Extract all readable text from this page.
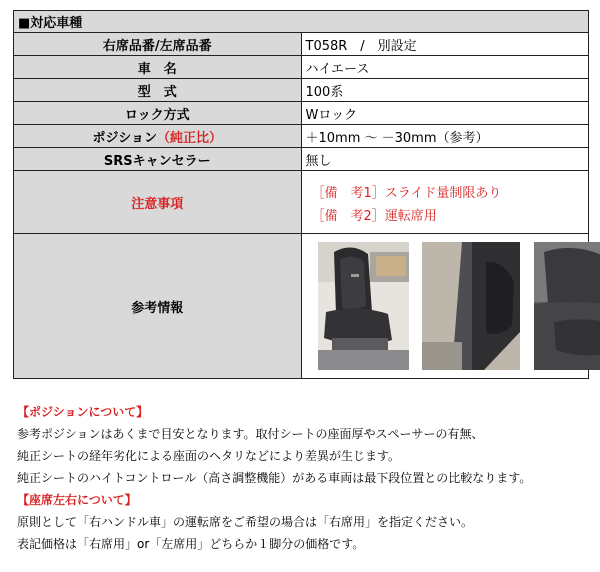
■対応車種	
右席品番/左席品番	T058R　/　別設定
車　名	ハイエース
型　式	100系
ロック方式	Wロック
ポジション（純正比）	＋10mm 〜 －30mm（参考）
SRSキャンセラー	無し
注意事項	［備　考1］スライド量制限あり
［備　考2］運転席用

参考情報	
【ポジションについて】
参考ポジションはあくまで目安となります。取付シートの座面厚やスペーサーの有無、
純正シートの経年劣化による座面のヘタリなどにより差異が生じます。
純正シートのハイトコントロール（高さ調整機能）がある車両は最下段位置との比較なります。
【座席左右について】
原則として「右ハンドル車」の運転席をご希望の場合は「右席用」を指定ください。
表記価格は「右席用」or「左席用」どちらか１脚分の価格です。
